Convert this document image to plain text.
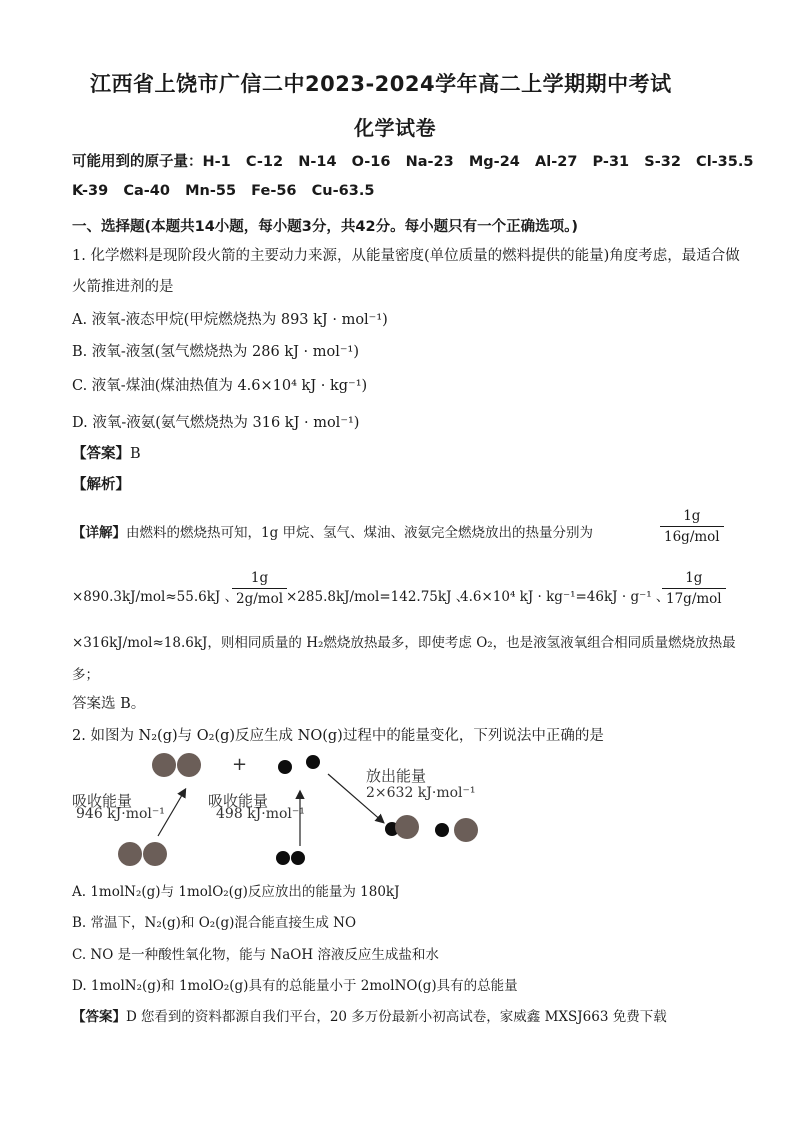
江西省上饶市广信二中2023-2024学年高二上学期期中考试
化学试卷
可能用到的原子量：H-1   C-12   N-14   O-16   Na-23   Mg-24   Al-27   P-31   S-32   Cl-35.5
K-39   Ca-40   Mn-55   Fe-56   Cu-63.5
一、选择题(本题共14小题，每小题3分，共42分。每小题只有一个正确选项。)
1. 化学燃料是现阶段火箭的主要动力来源，从能量密度(单位质量的燃料提供的能量)角度考虑，最适合做
火箭推进剂的是
A. 液氧-液态甲烷(甲烷燃烧热为 893 kJ · mol⁻¹)
B. 液氧-液氢(氢气燃烧热为 286 kJ · mol⁻¹)
C. 液氧-煤油(煤油热值为 4.6×10⁴ kJ · kg⁻¹)
D. 液氧-液氨(氨气燃烧热为 316 kJ · mol⁻¹)
【答案】B
【解析】
【详解】由燃料的燃烧热可知，1g 甲烷、氢气、煤油、液氨完全燃烧放出的热量分别为
1g
16g/mol
×890.3kJ/mol≈55.6kJ 、
1g
2g/mol ×285.8kJ/mol=142.75kJ 、
4.6×10⁴ kJ · kg⁻¹=46kJ · g⁻¹ 、
1g
17g/mol
×316kJ/mol≈18.6kJ，则相同质量的 H₂燃烧放热最多，即使考虑 O₂，也是液氢液氧组合相同质量燃烧放热最
多；
答案选 B。
2. 如图为 N₂(g)与 O₂(g)反应生成 NO(g)过程中的能量变化，下列说法中正确的是
+
吸收能量
946 kJ·mol⁻¹
吸收能量
498 kJ·mol⁻¹
放出能量
2×632 kJ·mol⁻¹
A. 1molN₂(g)与 1molO₂(g)反应放出的能量为 180kJ
B. 常温下，N₂(g)和 O₂(g)混合能直接生成 NO
C. NO 是一种酸性氧化物，能与 NaOH 溶液反应生成盐和水
D. 1molN₂(g)和 1molO₂(g)具有的总能量小于 2molNO(g)具有的总能量
【答案】D 您看到的资料都源自我们平台，20 多万份最新小初高试卷，家威鑫 MXSJ663 免费下载
